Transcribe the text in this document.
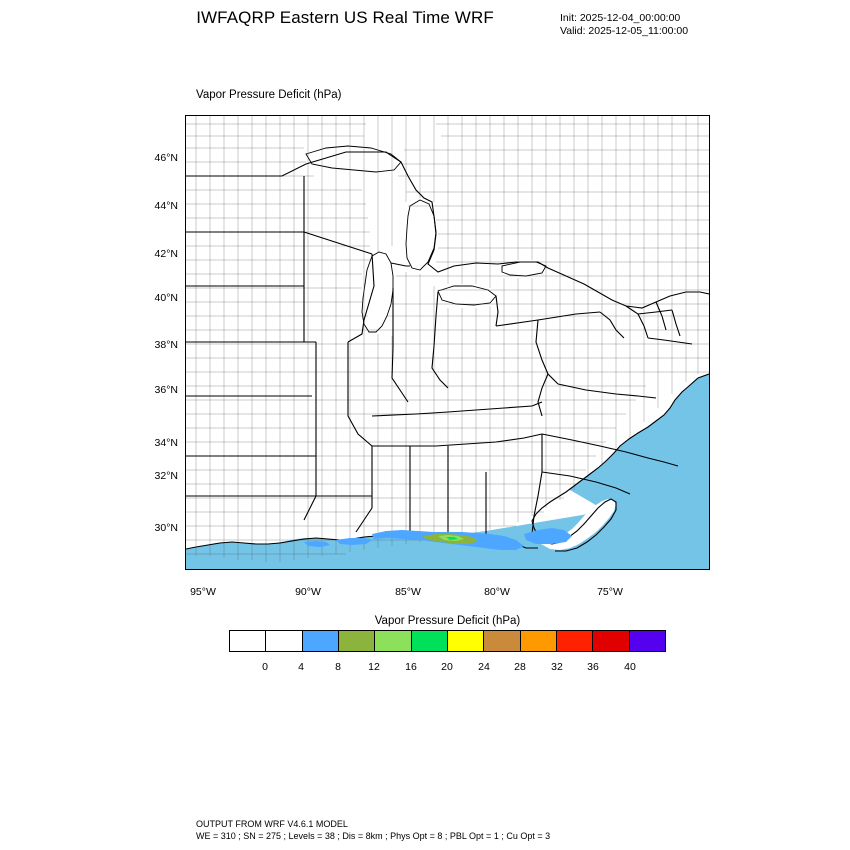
IWFAQRP Eastern US Real Time WRF	Init: 2025-12-04_00:00:00
Valid: 2025-12-05_11:00:00
Vapor Pressure Deficit (hPa)
46°N
44°N
42°N
40°N
38°N
36°N
34°N
32°N
30°N
95°W	90°W	85°W	80°W	75°W
Vapor Pressure Deficit (hPa)
0	4	8	12	16	20	24	28	32	36	40
OUTPUT FROM WRF V4.6.1 MODEL
WE = 310 ; SN = 275 ; Levels = 38 ; Dis = 8km ; Phys Opt = 8 ; PBL Opt = 1 ; Cu Opt = 3
